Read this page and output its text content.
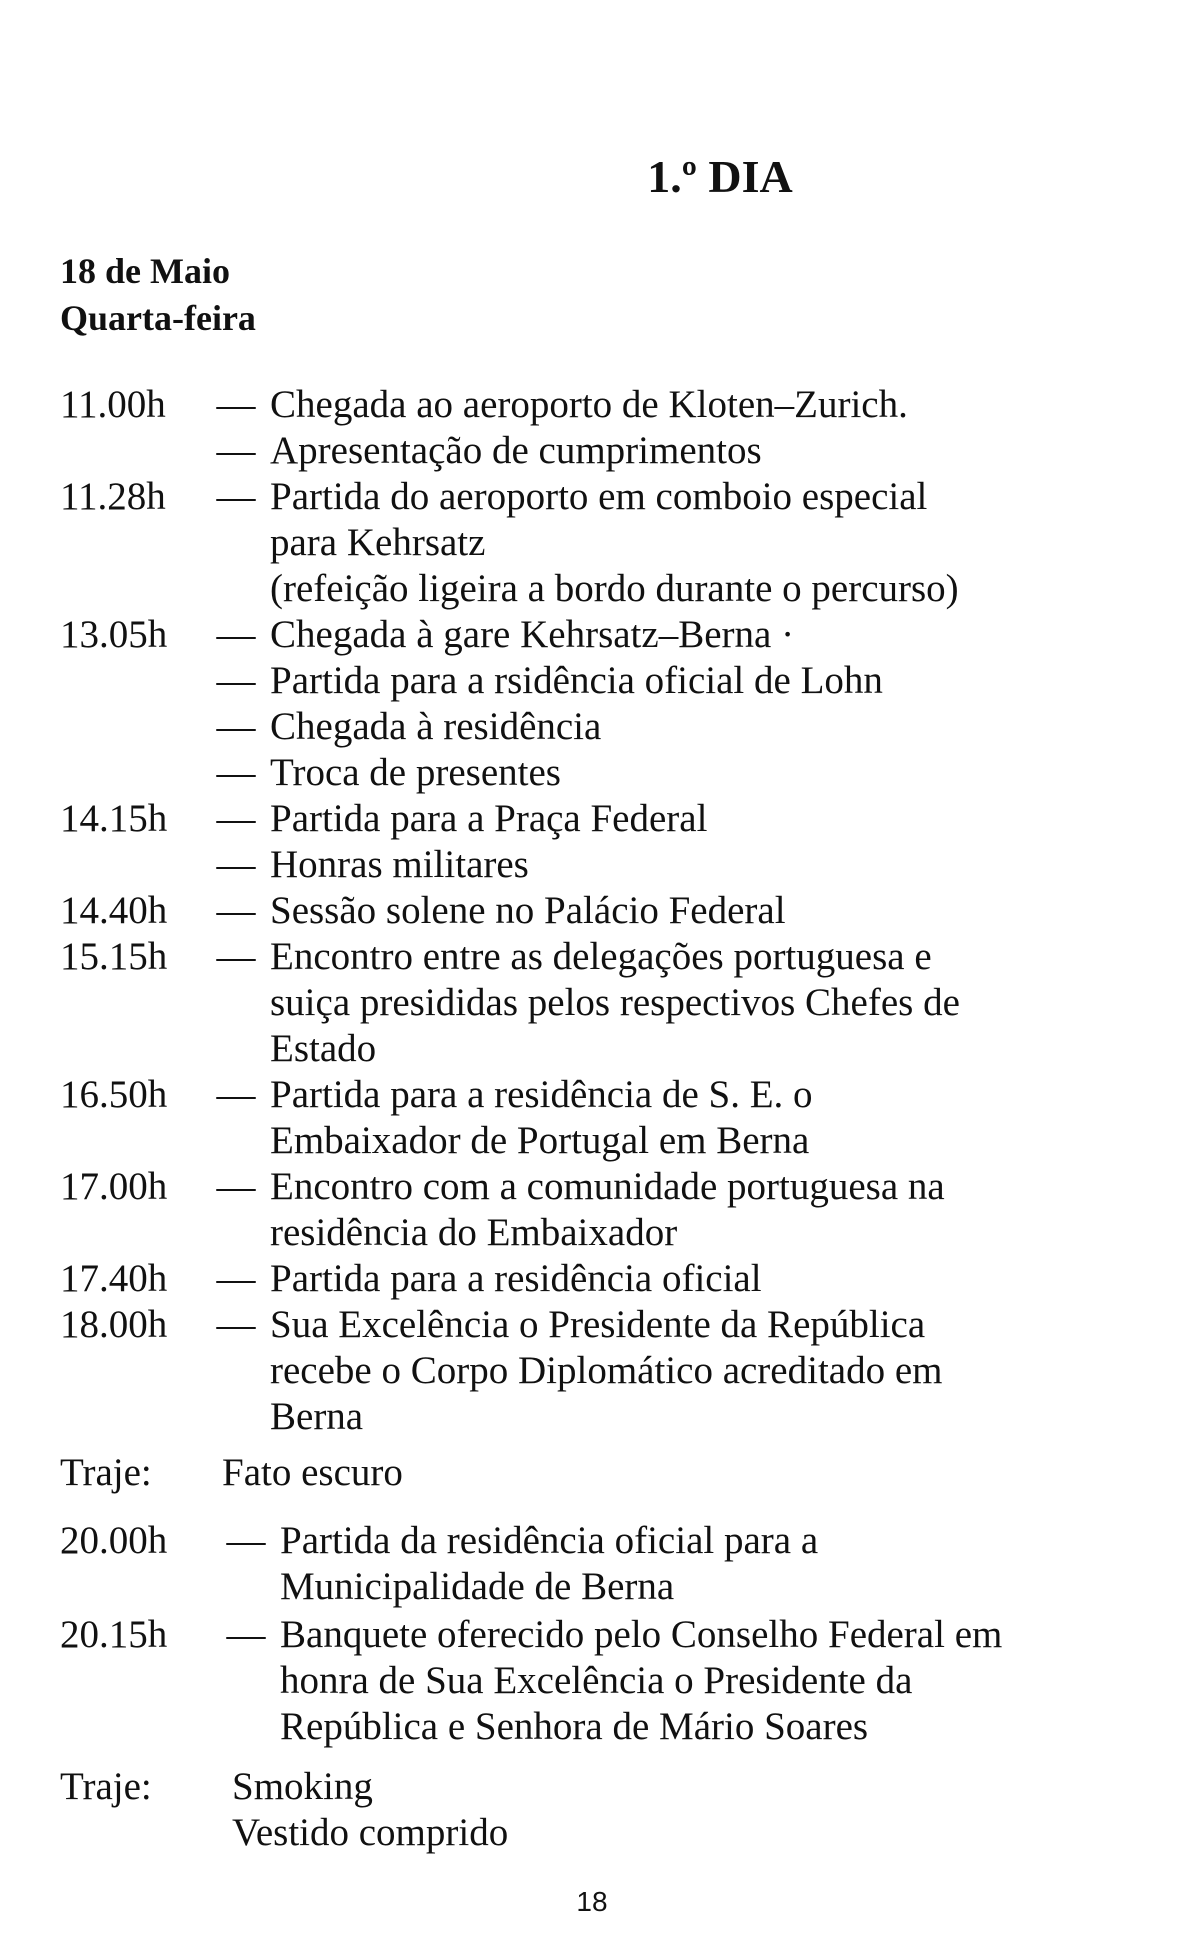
1.º DIA
18 de Maio
Quarta-feira
11.00h	— Chegada ao aeroporto de Kloten–Zurich.
— Apresentação de cumprimentos
11.28h	— Partida do aeroporto em comboio especial
para Kehrsatz
(refeição ligeira a bordo durante o percurso)
13.05h	— Chegada à gare Kehrsatz–Berna ·
— Partida para a rsidência oficial de Lohn
— Chegada à residência
— Troca de presentes
14.15h	— Partida para a Praça Federal
— Honras militares
14.40h	— Sessão solene no Palácio Federal
15.15h	— Encontro entre as delegações portuguesa e
suiça presididas pelos respectivos Chefes de
Estado
16.50h	— Partida para a residência de S. E. o
Embaixador de Portugal em Berna
17.00h	— Encontro com a comunidade portuguesa na
residência do Embaixador
17.40h	— Partida para a residência oficial
18.00h	— Sua Excelência o Presidente da República
recebe o Corpo Diplomático acreditado em
Berna
Traje:	Fato escuro
20.00h	— Partida da residência oficial para a
Municipalidade de Berna
20.15h	— Banquete oferecido pelo Conselho Federal em
honra de Sua Excelência o Presidente da
República e Senhora de Mário Soares
Traje:	Smoking
Vestido comprido
18
